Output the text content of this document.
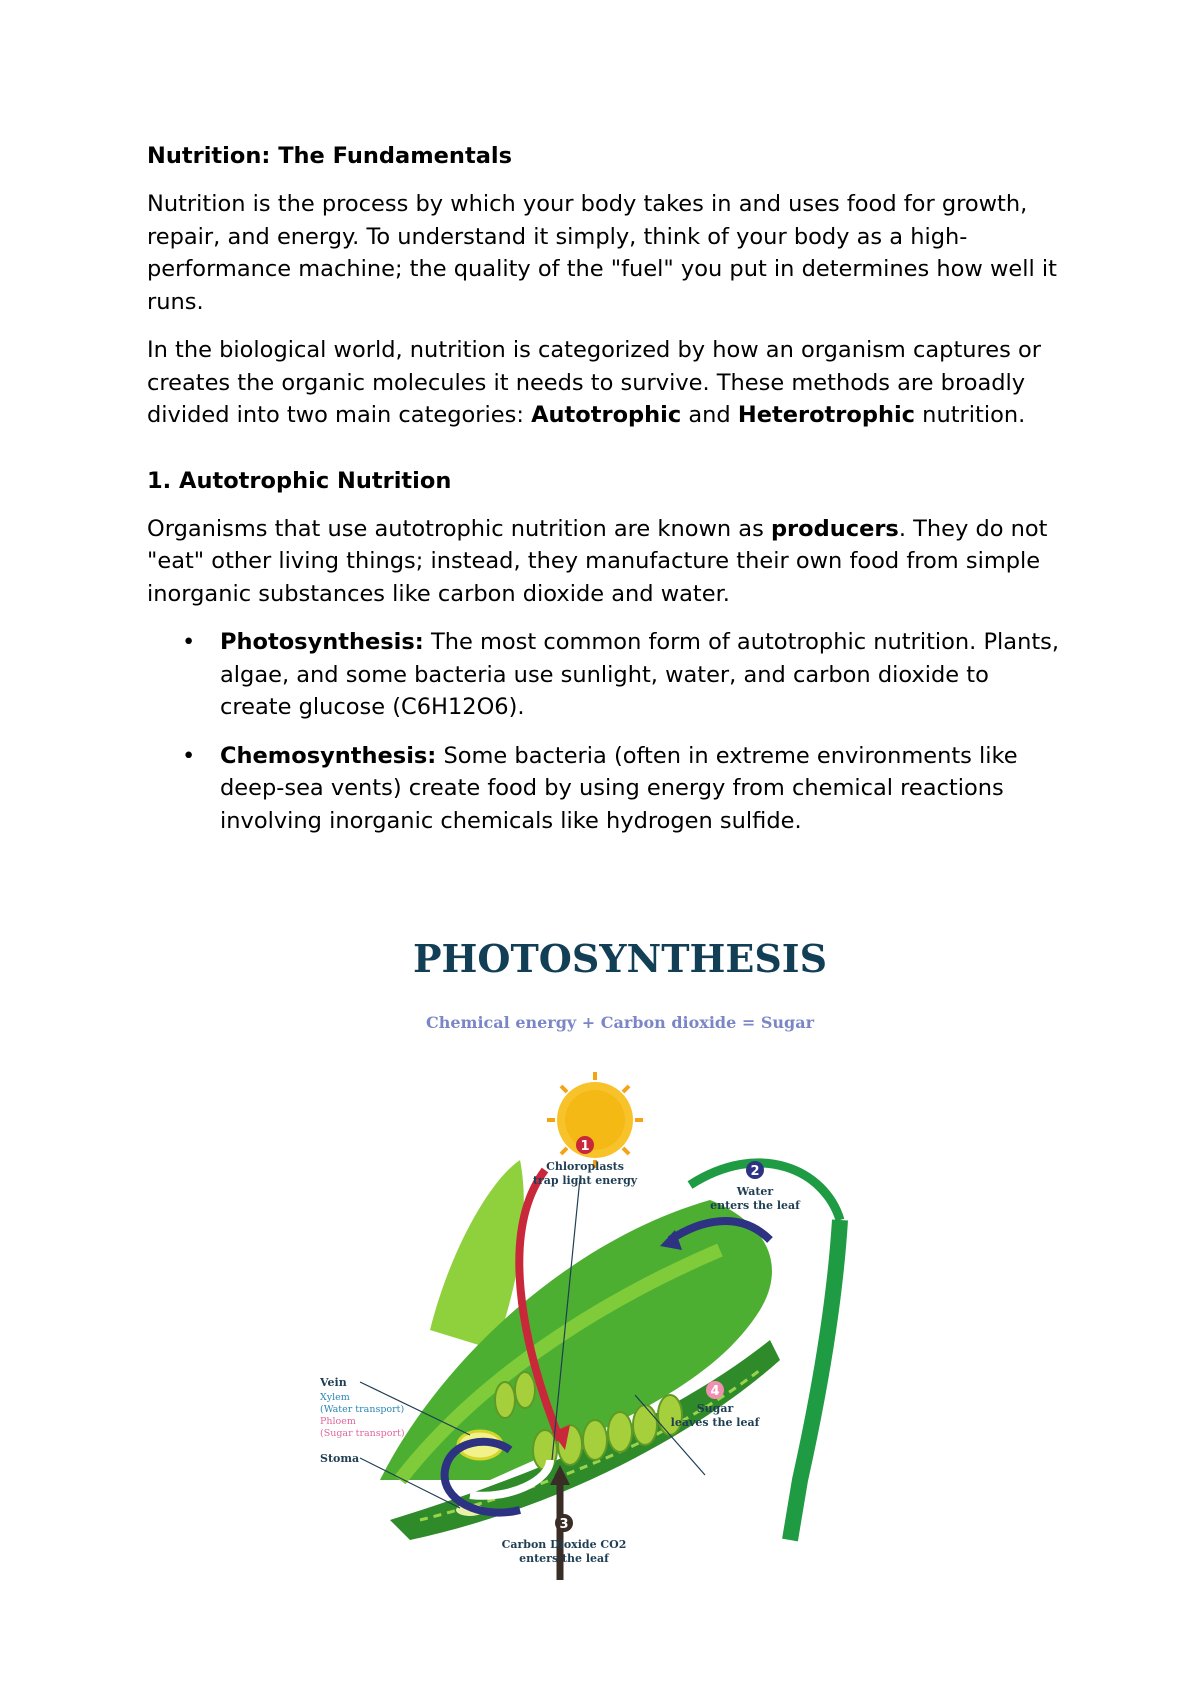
Nutrition: The Fundamentals

Nutrition is the process by which your body takes in and uses food for growth, repair, and energy. To understand it simply, think of your body as a high-performance machine; the quality of the "fuel" you put in determines how well it runs.

In the biological world, nutrition is categorized by how an organism captures or creates the organic molecules it needs to survive. These methods are broadly divided into two main categories: Autotrophic and Heterotrophic nutrition.

1. Autotrophic Nutrition

Organisms that use autotrophic nutrition are known as producers. They do not "eat" other living things; instead, they manufacture their own food from simple inorganic substances like carbon dioxide and water.

• Photosynthesis: The most common form of autotrophic nutrition. Plants, algae, and some bacteria use sunlight, water, and carbon dioxide to create glucose (C6H12O6).
• Chemosynthesis: Some bacteria (often in extreme environments like deep-sea vents) create food by using energy from chemical reactions involving inorganic chemicals like hydrogen sulfide.
PHOTOSYNTHESIS
Chemical energy + Carbon dioxide = Sugar
1
Chloroplasts
trap light energy
2
Water
enters the leaf
3
Carbon Dioxide CO2
enters the leaf
4
Sugar
leaves the leaf
Vein
Xylem
(Water transport)
Phloem
(Sugar transport)
Stoma
